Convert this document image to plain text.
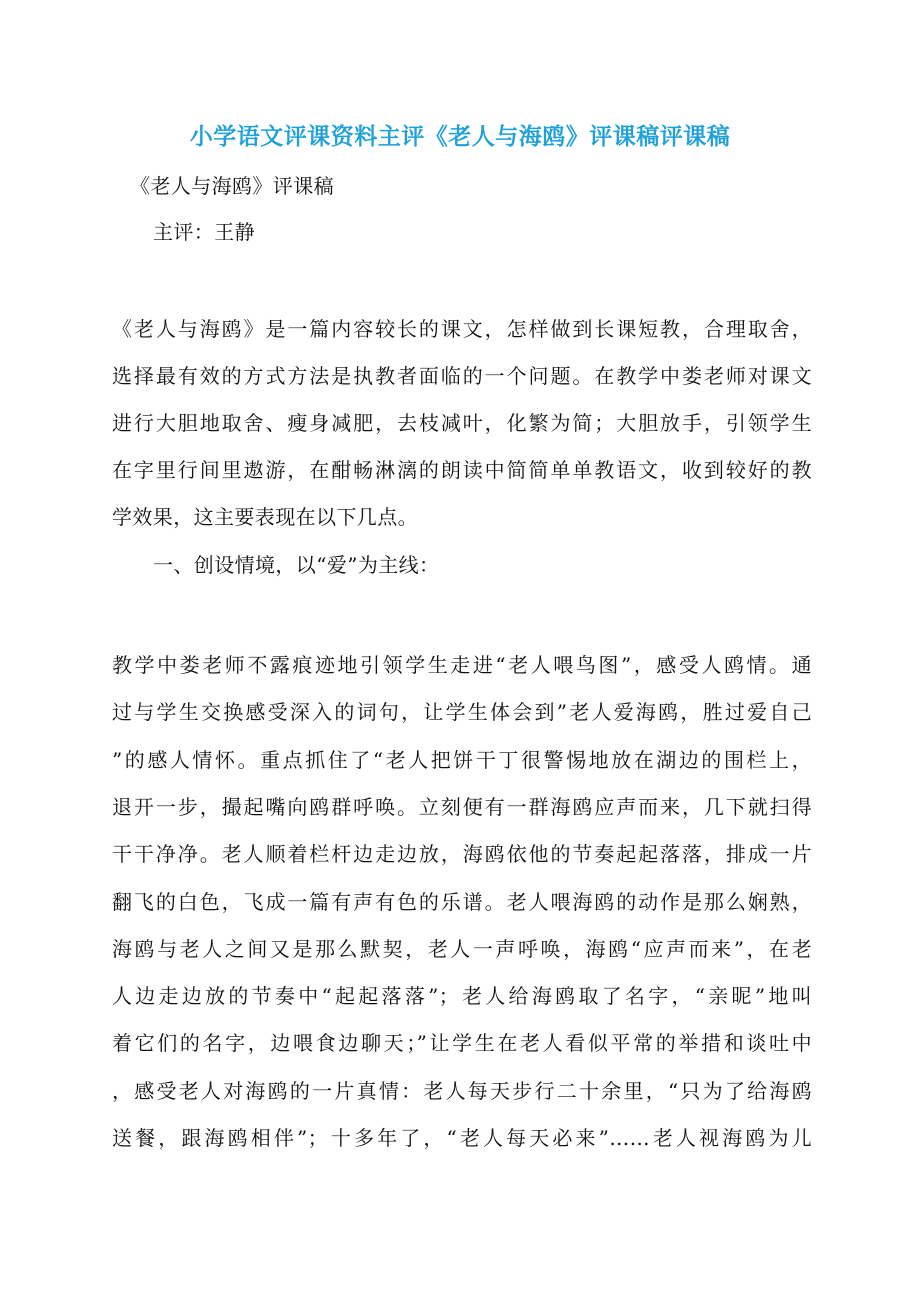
小学语文评课资料主评《老人与海鸥》评课稿评课稿
《老人与海鸥》评课稿
主评：王静
《老人与海鸥》是一篇内容较长的课文，怎样做到长课短教，合理取舍，
选择最有效的方式方法是执教者面临的一个问题。在教学中娄老师对课文
进行大胆地取舍、瘦身减肥，去枝减叶，化繁为简；大胆放手，引领学生
在字里行间里遨游，在酣畅淋漓的朗读中简简单单教语文，收到较好的教
学效果，这主要表现在以下几点。
一、创设情境，以“爱”为主线：
教学中娄老师不露痕迹地引领学生走进“老人喂鸟图”，感受人鸥情。通
过与学生交换感受深入的词句，让学生体会到”老人爱海鸥，胜过爱自己
”的感人情怀。重点抓住了“老人把饼干丁很警惕地放在湖边的围栏上，
退开一步，撮起嘴向鸥群呼唤。立刻便有一群海鸥应声而来，几下就扫得
干干净净。老人顺着栏杆边走边放，海鸥依他的节奏起起落落，排成一片
翻飞的白色，飞成一篇有声有色的乐谱。老人喂海鸥的动作是那么娴熟，
海鸥与老人之间又是那么默契，老人一声呼唤，海鸥“应声而来”，在老
人边走边放的节奏中“起起落落”；老人给海鸥取了名字，“亲昵”地叫
着它们的名字，边喂食边聊天；”让学生在老人看似平常的举措和谈吐中
，感受老人对海鸥的一片真情：老人每天步行二十余里，“只为了给海鸥
送餐，跟海鸥相伴”；十多年了，“老人每天必来”……老人视海鸥为儿
